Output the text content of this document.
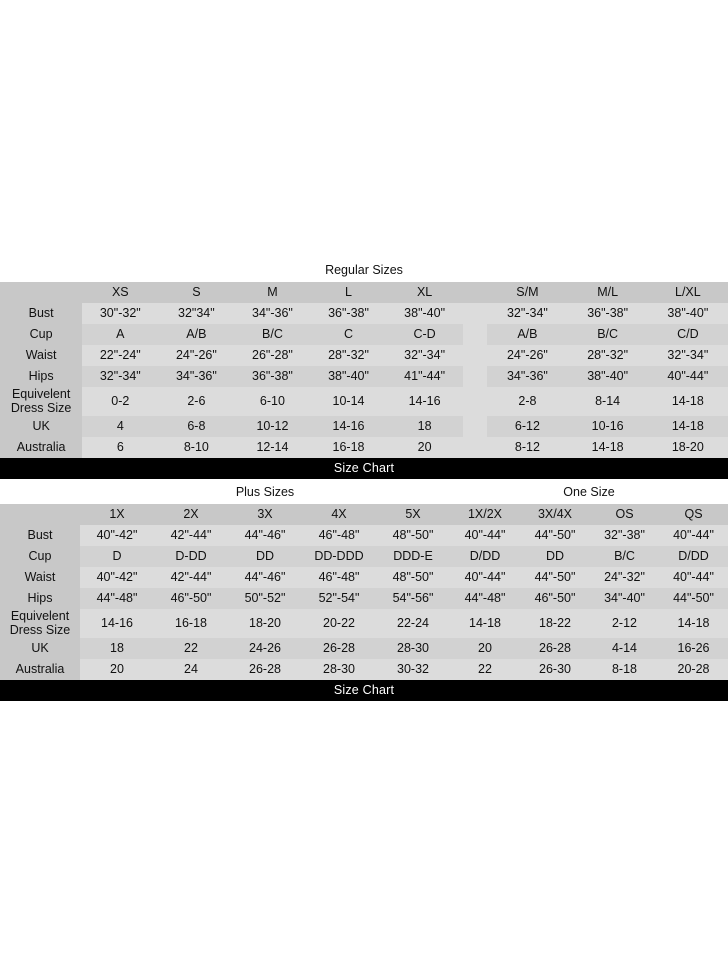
Regular Sizes
	XS	S	M	L	XL		S/M	M/L	L/XL
Bust	30"-32"	32"34"	34"-36"	36"-38"	38"-40"		32"-34"	36"-38"	38"-40"
Cup	A	A/B	B/C	C	C-D		A/B	B/C	C/D
Waist	22"-24"	24"-26"	26"-28"	28"-32"	32"-34"		24"-26"	28"-32"	32"-34"
Hips	32"-34"	34"-36"	36"-38"	38"-40"	41"-44"		34"-36"	38"-40"	40"-44"

Equivelent
Dress Size	0-2	2-6	6-10	10-14	14-16		2-8	8-14	14-18
UK	4	6-8	10-12	14-16	18		6-12	10-16	14-18
Australia	6	8-10	12-14	16-18	20		8-12	14-18	18-20
Size Chart
Plus Sizes	One Size
	1X	2X	3X	4X	5X	1X/2X	3X/4X	OS	QS
Bust	40"-42"	42"-44"	44"-46"	46"-48"	48"-50"	40"-44"	44"-50"	32"-38"	40"-44"
Cup	D	D-DD	DD	DD-DDD	DDD-E	D/DD	DD	B/C	D/DD
Waist	40"-42"	42"-44"	44"-46"	46"-48"	48"-50"	40"-44"	44"-50"	24"-32"	40"-44"
Hips	44"-48"	46"-50"	50"-52"	52"-54"	54"-56"	44"-48"	46"-50"	34"-40"	44"-50"

Equivelent
Dress Size	14-16	16-18	18-20	20-22	22-24	14-18	18-22	2-12	14-18
UK	18	22	24-26	26-28	28-30	20	26-28	4-14	16-26
Australia	20	24	26-28	28-30	30-32	22	26-30	8-18	20-28
Size Chart
